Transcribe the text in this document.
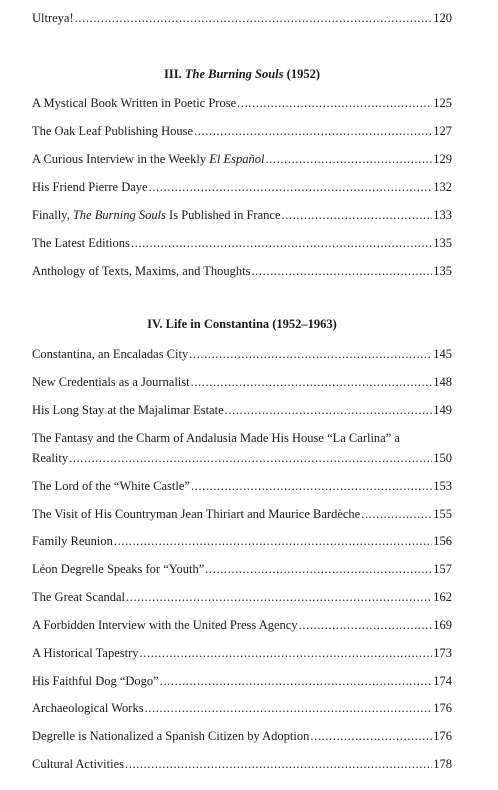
Ultreya! .....	120
III. The Burning Souls (1952)
A Mystical Book Written in Poetic Prose .....	125
The Oak Leaf Publishing House .....	127
A Curious Interview in the Weekly El Español .....	129
His Friend Pierre Daye .....	132
Finally, The Burning Souls Is Published in France .....	133
The Latest Editions .....	135
Anthology of Texts, Maxims, and Thoughts .....	135
IV. Life in Constantina (1952–1963)
Constantina, an Encaladas City .....	145
New Credentials as a Journalist .....	148
His Long Stay at the Majalimar Estate .....	149
The Fantasy and the Charm of Andalusia Made His House “La Carlina” a
Reality .....	150
The Lord of the “White Castle” .....	153
The Visit of His Countryman Jean Thiriart and Maurice Bardèche .....	155
Family Reunion .....	156
Léon Degrelle Speaks for “Youth” .....	157
The Great Scandal .....	162
A Forbidden Interview with the United Press Agency .....	169
A Historical Tapestry .....	173
His Faithful Dog “Dogo” .....	174
Archaeological Works .....	176
Degrelle is Nationalized a Spanish Citizen by Adoption .....	176
Cultural Activities .....	178
